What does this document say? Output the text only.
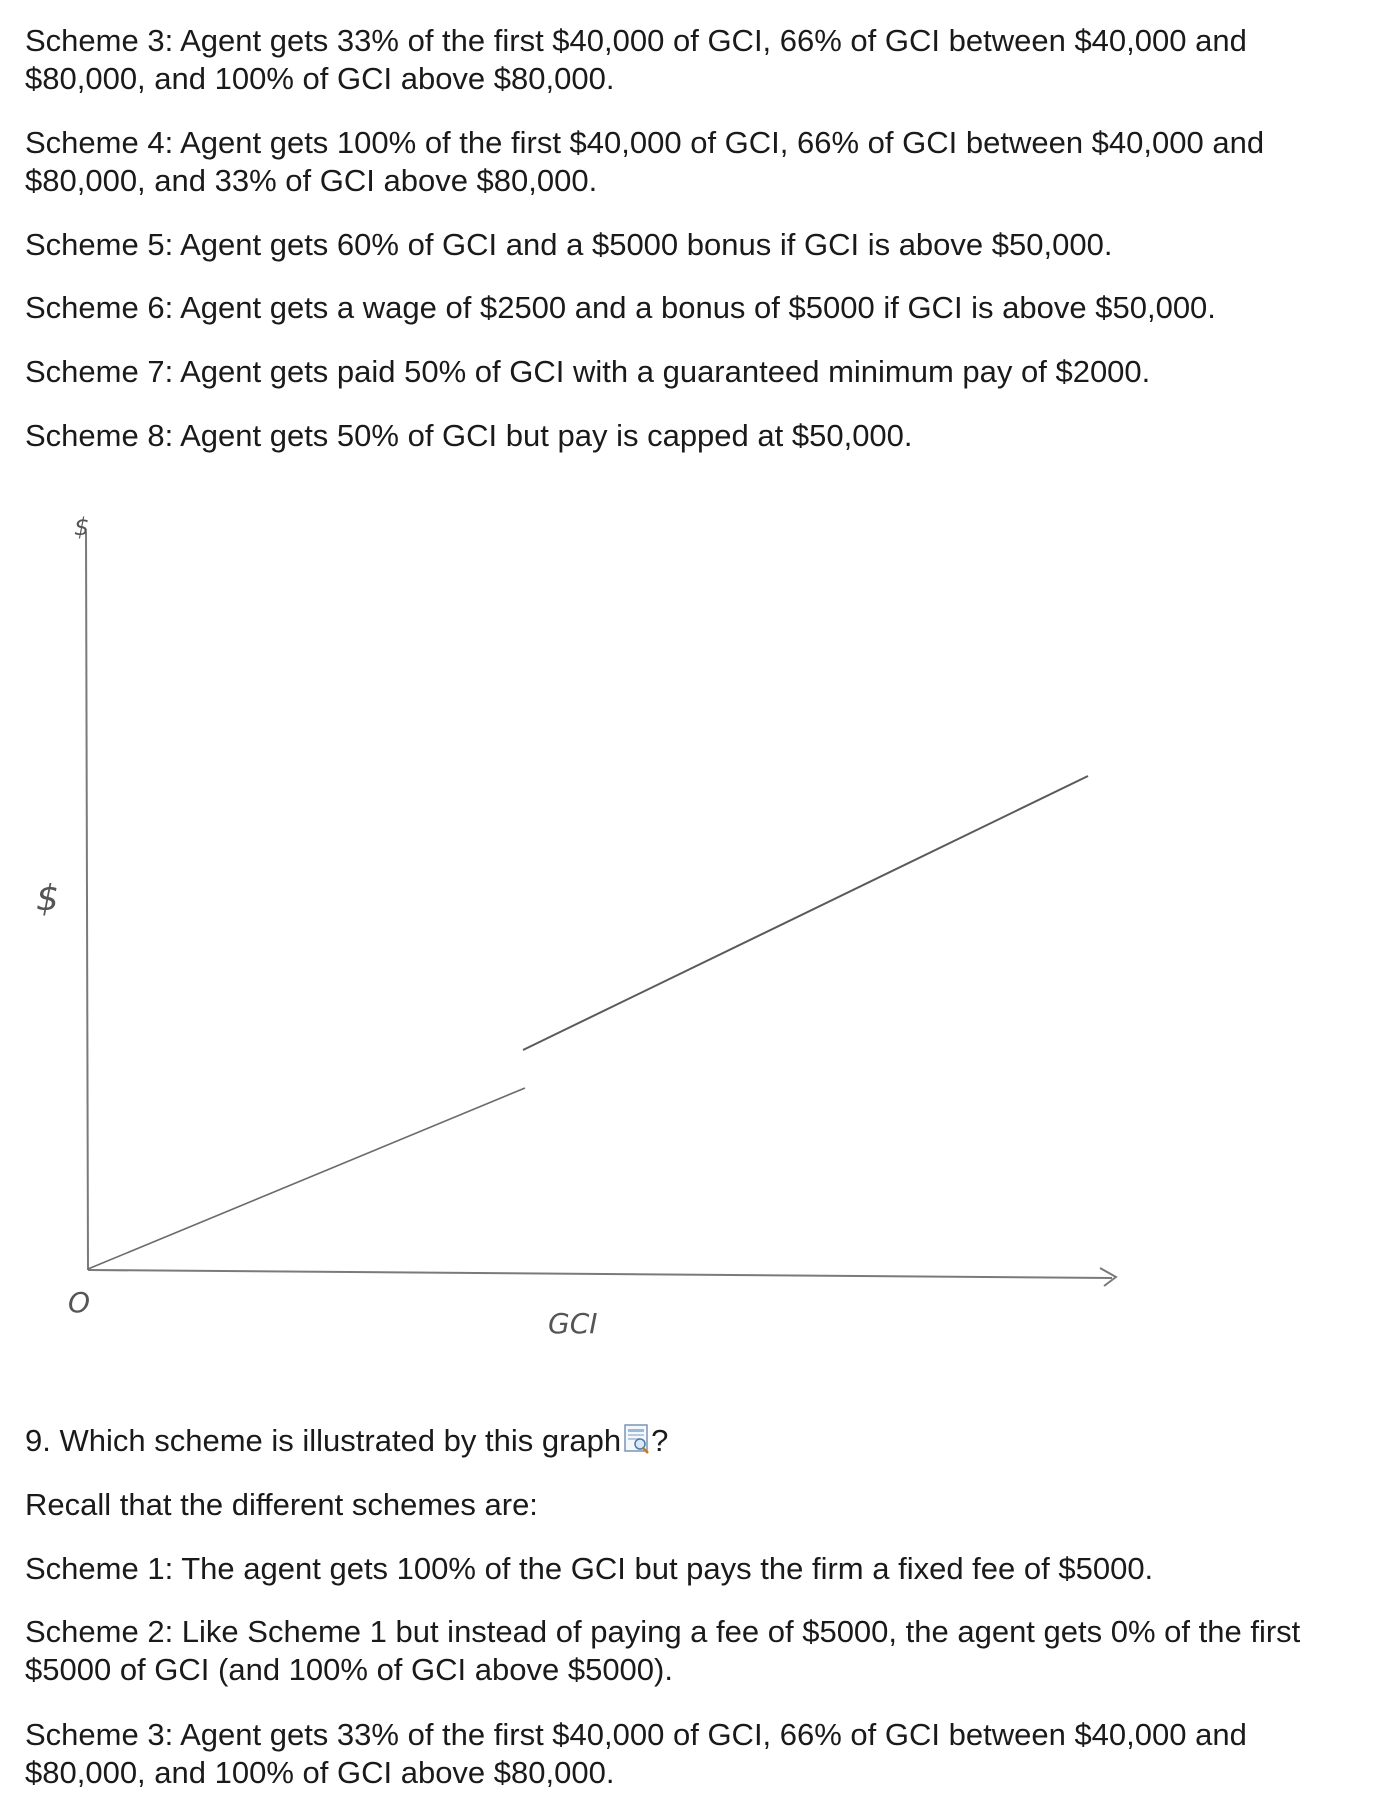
Scheme 3: Agent gets 33% of the first $40,000 of GCI, 66% of GCI between $40,000 and $80,000, and 100% of GCI above $80,000.

Scheme 4: Agent gets 100% of the first $40,000 of GCI, 66% of GCI between $40,000 and $80,000, and 33% of GCI above $80,000.

Scheme 5: Agent gets 60% of GCI and a $5000 bonus if GCI is above $50,000.

Scheme 6: Agent gets a wage of $2500 and a bonus of $5000 if GCI is above $50,000.

Scheme 7: Agent gets paid 50% of GCI with a guaranteed minimum pay of $2000.

Scheme 8: Agent gets 50% of GCI but pay is capped at $50,000.

$
$
O
GCI

9. Which scheme is illustrated by this graph ?

Recall that the different schemes are:

Scheme 1: The agent gets 100% of the GCI but pays the firm a fixed fee of $5000.

Scheme 2: Like Scheme 1 but instead of paying a fee of $5000, the agent gets 0% of the first $5000 of GCI (and 100% of GCI above $5000).

Scheme 3: Agent gets 33% of the first $40,000 of GCI, 66% of GCI between $40,000 and $80,000, and 100% of GCI above $80,000.
